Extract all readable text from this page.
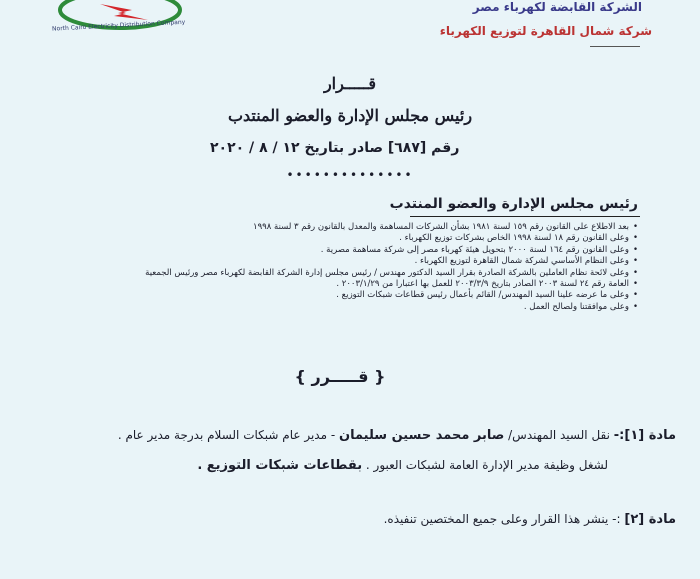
North Cairo Electricity Distribution Company
الشركة القابضة لكهرباء مصر
شركة شمال القاهرة لتوزيع الكهرباء
قـــــرار
رئيس مجلس الإدارة والعضو المنتدب
رقم [٦٨٧] صادر بتاريخ ١٢ / ٨ / ٢٠٢٠
••••••••••••••
رئيس مجلس الإدارة والعضو المنتدب
• بعد الاطلاع على القانون رقم ١٥٩ لسنة ١٩٨١ بشأن الشركات المساهمة والمعدل بالقانون رقم ٣ لسنة ١٩٩٨
• وعلى القانون رقم ١٨ لسنة ١٩٩٨ الخاص بشركات توزيع الكهرباء .
• وعلى القانون رقم ١٦٤ لسنة ٢٠٠٠ بتحويل هيئة كهرباء مصر إلى شركة مساهمة مصرية .
• وعلى النظام الأساسي لشركة شمال القاهرة لتوزيع الكهرباء .
• وعلى لائحة نظام العاملين بالشركة الصادرة بقرار السيد الدكتور مهندس / رئيس مجلس إدارة الشركة القابضة لكهرباء مصر ورئيس الجمعية
• العامة رقم ٢٤ لسنة ٢٠٠٣ الصادر بتاريخ ٢٠٠٣/٣/٩ للعمل بها اعتبارا من ٢٠٠٣/١/٢٩ .
• وعلى ما عرضه علينا السيد المهندس/ القائم بأعمال رئيس قطاعات شبكات التوزيع .
• وعلى موافقتنا ولصالح العمل .
{ قـــــرر }
مادة [١]:- نقل السيد المهندس/ صابر محمد حسين سليمان - مدير عام شبكات السلام بدرجة مدير عام .
لشغل وظيفة مدير الإدارة العامة لشبكات العبور . بقطاعات شبكات التوزيع .
مادة [٢] :- ينشر هذا القرار وعلى جميع المختصين تنفيذه.
